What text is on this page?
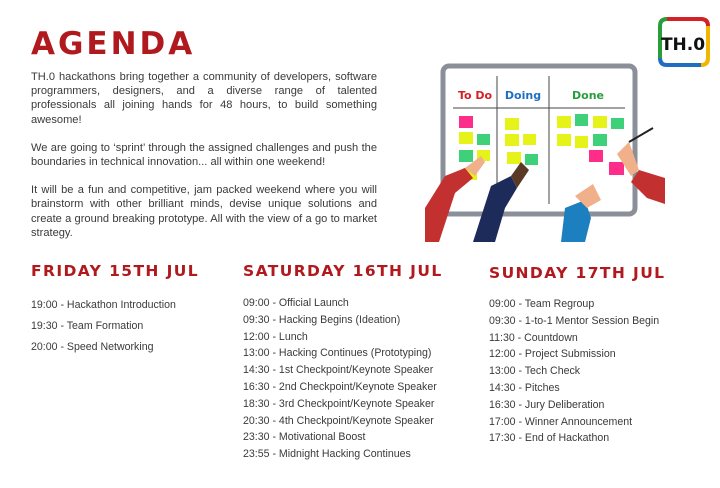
AGENDA

TH.0 hackathons bring together a community of developers, software programmers, designers, and a diverse range of talented professionals all joining hands for 48 hours, to build something awesome!

We are going to ‘sprint’ through the assigned challenges and push the boundaries in technical innovation... all within one weekend!

It will be a fun and competitive, jam packed weekend where you will brainstorm with other brilliant minds, devise unique solutions and create a ground breaking prototype. All with the view of a go to market strategy.

TH.0
To Do Doing	Done
FRIDAY 15TH JUL
19:00 - Hackathon Introduction
19:30 - Team Formation
20:00 - Speed Networking
SATURDAY 16TH JUL
09:00 - Official Launch
09:30 - Hacking Begins (Ideation)
12:00 - Lunch
13:00 - Hacking Continues (Prototyping)
14:30 - 1st Checkpoint/Keynote Speaker
16:30 - 2nd Checkpoint/Keynote Speaker
18:30 - 3rd Checkpoint/Keynote Speaker
20:30 - 4th Checkpoint/Keynote Speaker
23:30 - Motivational Boost
23:55 - Midnight Hacking Continues
SUNDAY 17TH JUL
09:00 - Team Regroup
09:30 - 1-to-1 Mentor Session Begin
11:30 - Countdown
12:00 - Project Submission
13:00 - Tech Check
14:30 - Pitches
16:30 - Jury Deliberation
17:00 - Winner Announcement
17:30 - End of Hackathon
